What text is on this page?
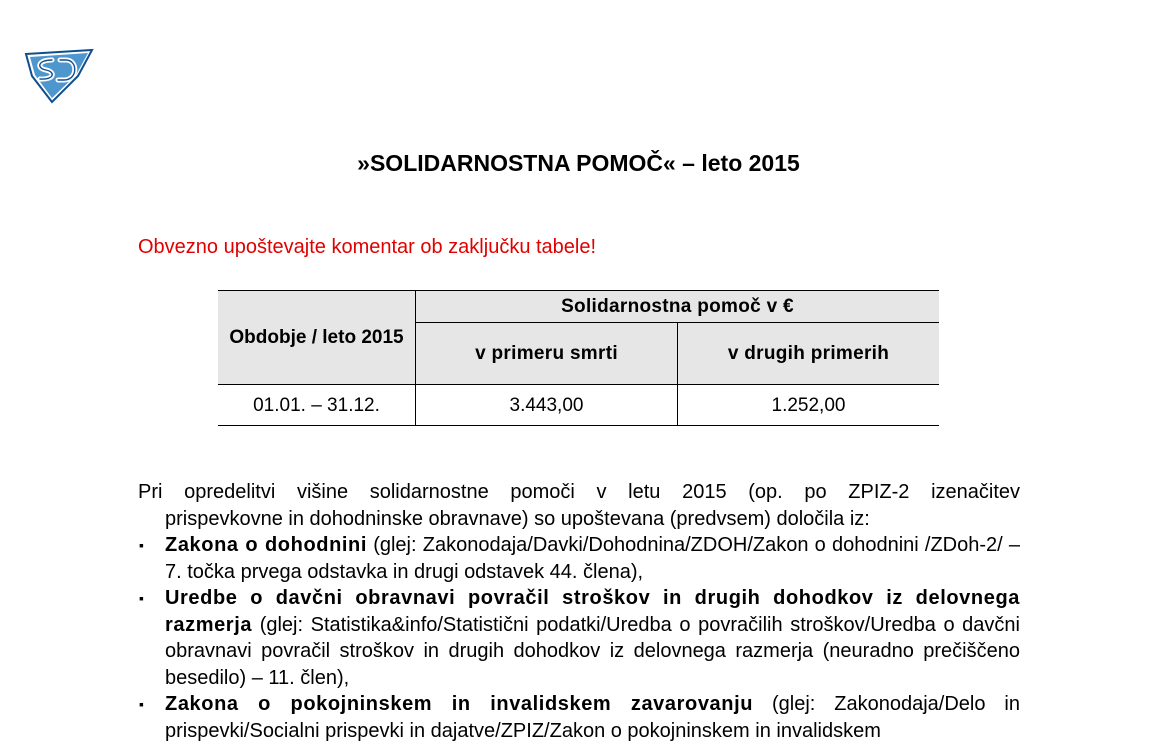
»SOLIDARNOSTNA POMOČ« – leto 2015
Obvezno upoštevajte komentar ob zaključku tabele!
Obdobje / leto 2015	Solidarnostna pomoč v €	
	v primeru smrti	v drugih primerih
01.01. – 31.12.	3.443,00	1.252,00

Pri opredelitvi višine solidarnostne pomoči v letu 2015 (op. po ZPIZ-2 izenačitev
prispevkovne in dohodninske obravnave) so upoštevana (predvsem) določila iz:

▪ Zakona o dohodnini (glej: Zakonodaja/Davki/Dohodnina/ZDOH/Zakon o dohodnini /ZDoh-2/ – 7. točka prvega odstavka in drugi odstavek 44. člena),
▪ Uredbe o davčni obravnavi povračil stroškov in drugih dohodkov iz delovnega razmerja (glej: Statistika&info/Statistični podatki/Uredba o povračilih stroškov/Uredba o davčni obravnavi povračil stroškov in drugih dohodkov iz delovnega razmerja (neuradno prečiščeno besedilo) – 11. člen),
▪ Zakona o pokojninskem in invalidskem zavarovanju (glej: Zakonodaja/Delo in prispevki/Socialni prispevki in dajatve/ZPIZ/Zakon o pokojninskem in invalidskem
